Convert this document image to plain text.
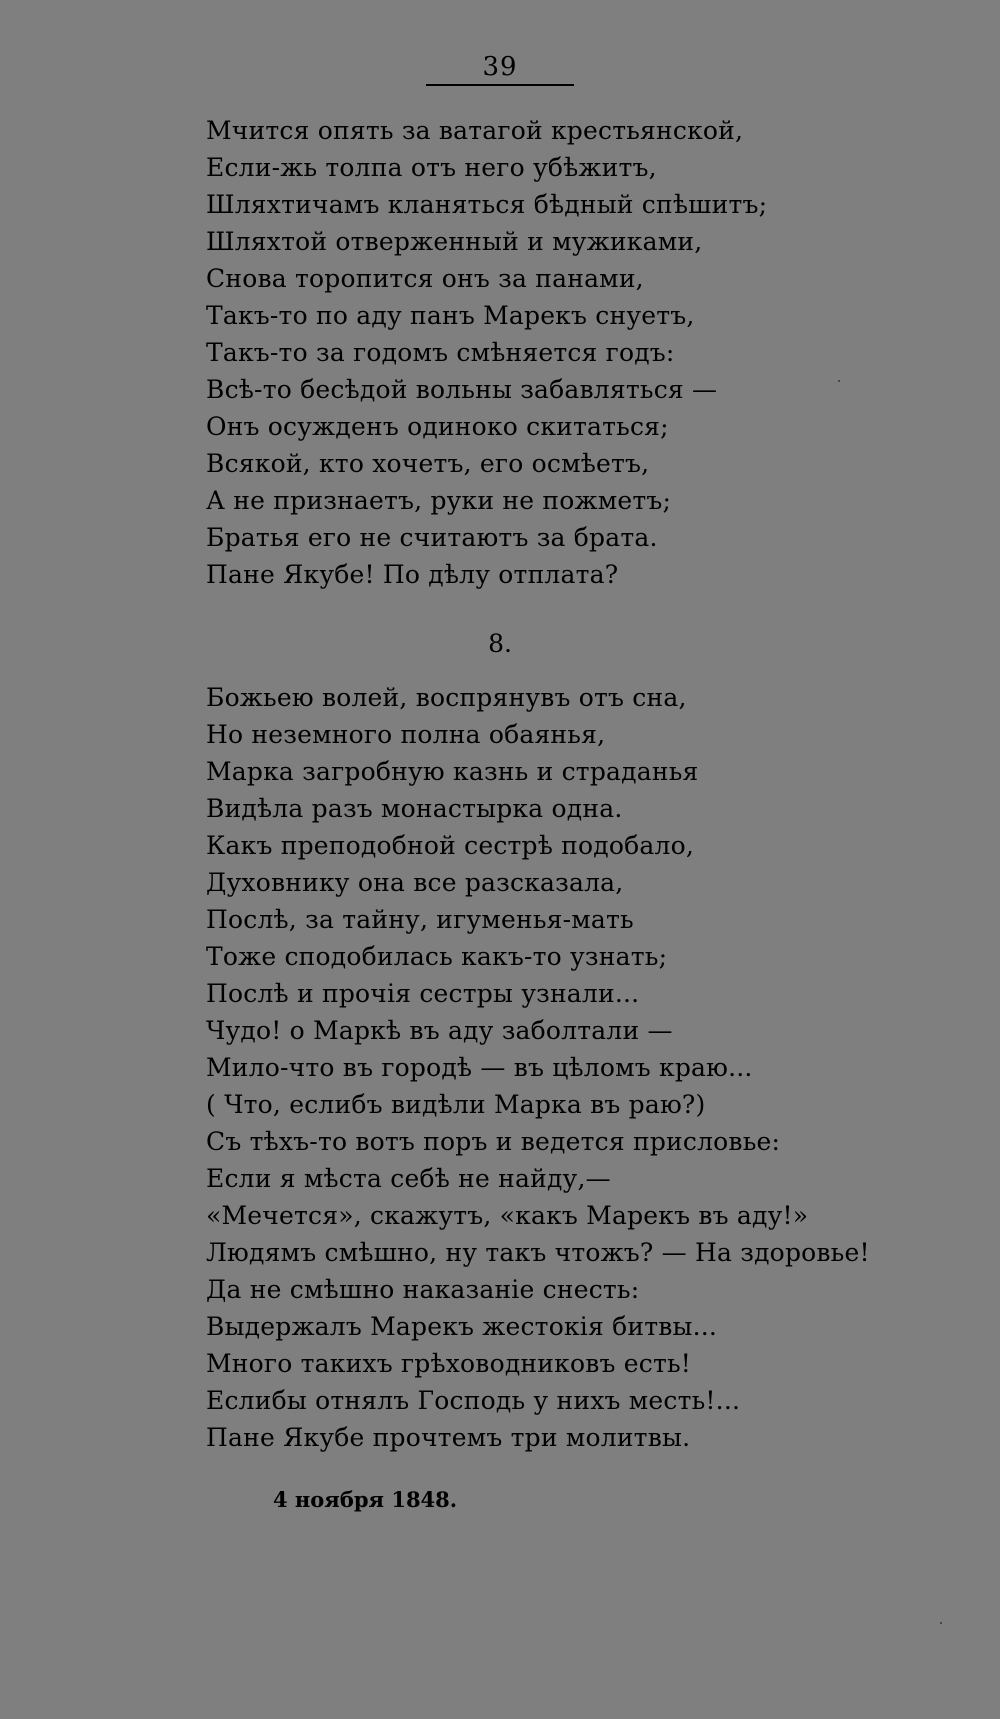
39
Мчится опять за ватагой крестьянской,
Если-жь толпа отъ него убѣжитъ,
Шляхтичамъ кланяться бѣдный спѣшитъ;
Шляхтой отверженный и мужиками,
Снова торопится онъ за панами,
Такъ-то по аду панъ Марекъ снуетъ,
Такъ-то за годомъ смѣняется годъ:
Всѣ-то бесѣдой вольны забавляться —
Онъ осужденъ одиноко скитаться;
Всякой, кто хочетъ, его осмѣетъ,
А не признаетъ, руки не пожметъ;
Братья его не считаютъ за брата.
Пане Якубе! По дѣлу отплата?
8.
Божьею волей, воспрянувъ отъ сна,
Но неземного полна обаянья,
Марка загробную казнь и страданья
Видѣла разъ монастырка одна.
Какъ преподобной сестрѣ подобало,
Духовнику она все разсказала,
Послѣ, за тайну, игуменья-мать
Тоже сподобилась какъ-то узнать;
Послѣ и прочія сестры узнали...
Чудо! о Маркѣ въ аду заболтали —
Мило-что въ городѣ — въ цѣломъ краю...
( Что, еслибъ видѣли Марка въ раю?)
Съ тѣхъ-то вотъ поръ и ведется присловье:
Если я мѣста себѣ не найду,—
«Мечется», скажутъ, «какъ Марекъ въ аду!»
Людямъ смѣшно, ну такъ чтожъ? — На здоровье!
Да не смѣшно наказаніе снесть:
Выдержалъ Марекъ жестокія битвы...
Много такихъ грѣховодниковъ есть!
Еслибы отнялъ Господь у нихъ месть!...
Пане Якубе прочтемъ три молитвы.
4 ноября 1848.
